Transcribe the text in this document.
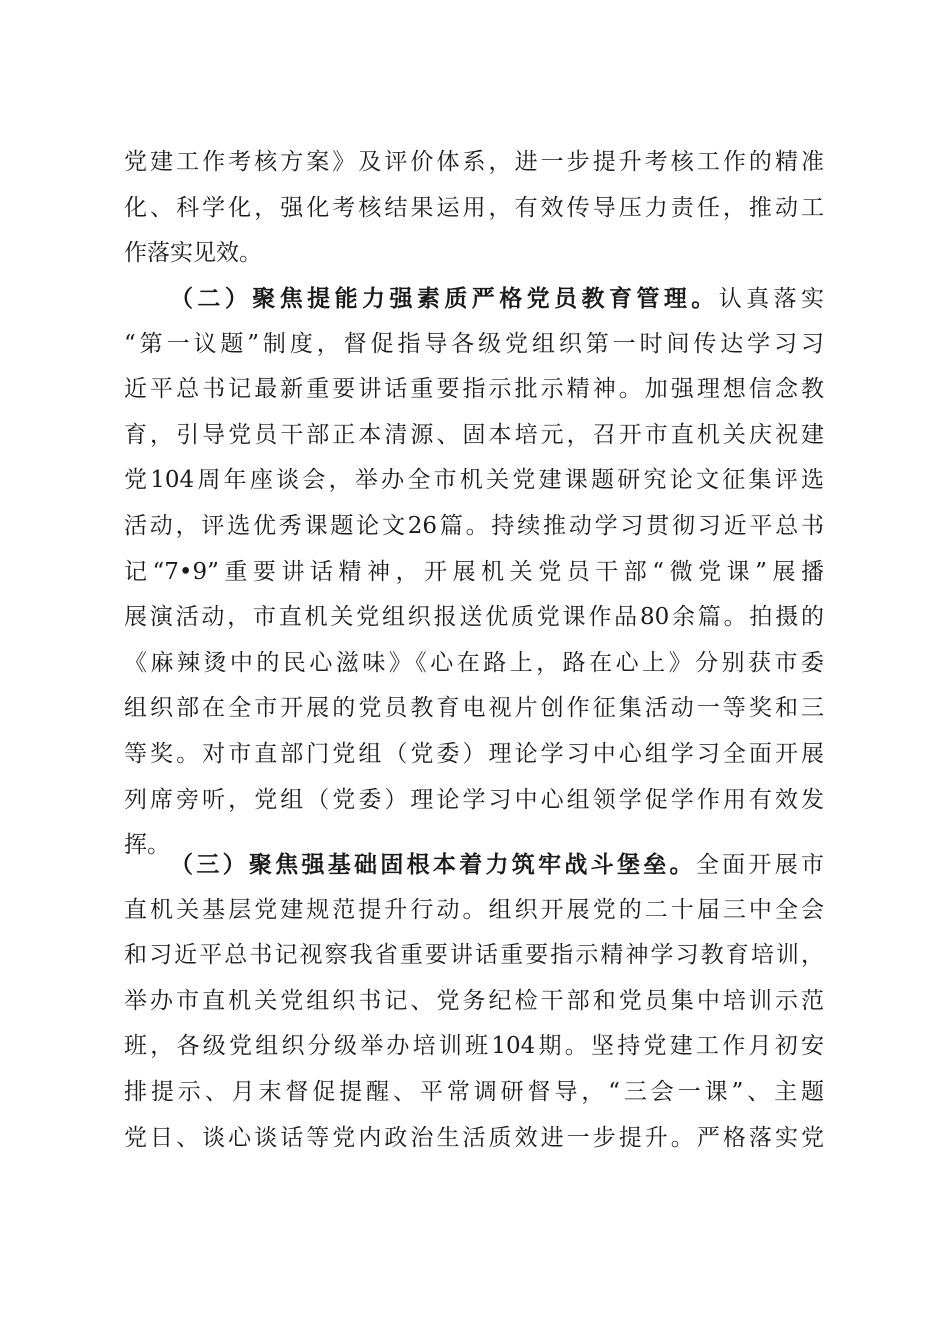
党建工作考核方案》及评价体系，进一步提升考核工作的精准
化、科学化，强化考核结果运用，有效传导压力责任，推动工
作落实见效。
（二）聚焦提能力强素质严格党员教育管理。认真落实
“第一议题”制度，督促指导各级党组织第一时间传达学习习
近平总书记最新重要讲话重要指示批示精神。加强理想信念教
育，引导党员干部正本清源、固本培元，召开市直机关庆祝建
党104周年座谈会，举办全市机关党建课题研究论文征集评选
活动，评选优秀课题论文26篇。持续推动学习贯彻习近平总书
记“7•9”重要讲话精神，开展机关党员干部“微党课”展播
展演活动，市直机关党组织报送优质党课作品80余篇。拍摄的
《麻辣烫中的民心滋味》《心在路上，路在心上》分别获市委
组织部在全市开展的党员教育电视片创作征集活动一等奖和三
等奖。对市直部门党组（党委）理论学习中心组学习全面开展
列席旁听，党组（党委）理论学习中心组领学促学作用有效发
挥。
（三）聚焦强基础固根本着力筑牢战斗堡垒。全面开展市
直机关基层党建规范提升行动。组织开展党的二十届三中全会
和习近平总书记视察我省重要讲话重要指示精神学习教育培训，
举办市直机关党组织书记、党务纪检干部和党员集中培训示范
班，各级党组织分级举办培训班104期。坚持党建工作月初安
排提示、月末督促提醒、平常调研督导，“三会一课”、主题
党日、谈心谈话等党内政治生活质效进一步提升。严格落实党
